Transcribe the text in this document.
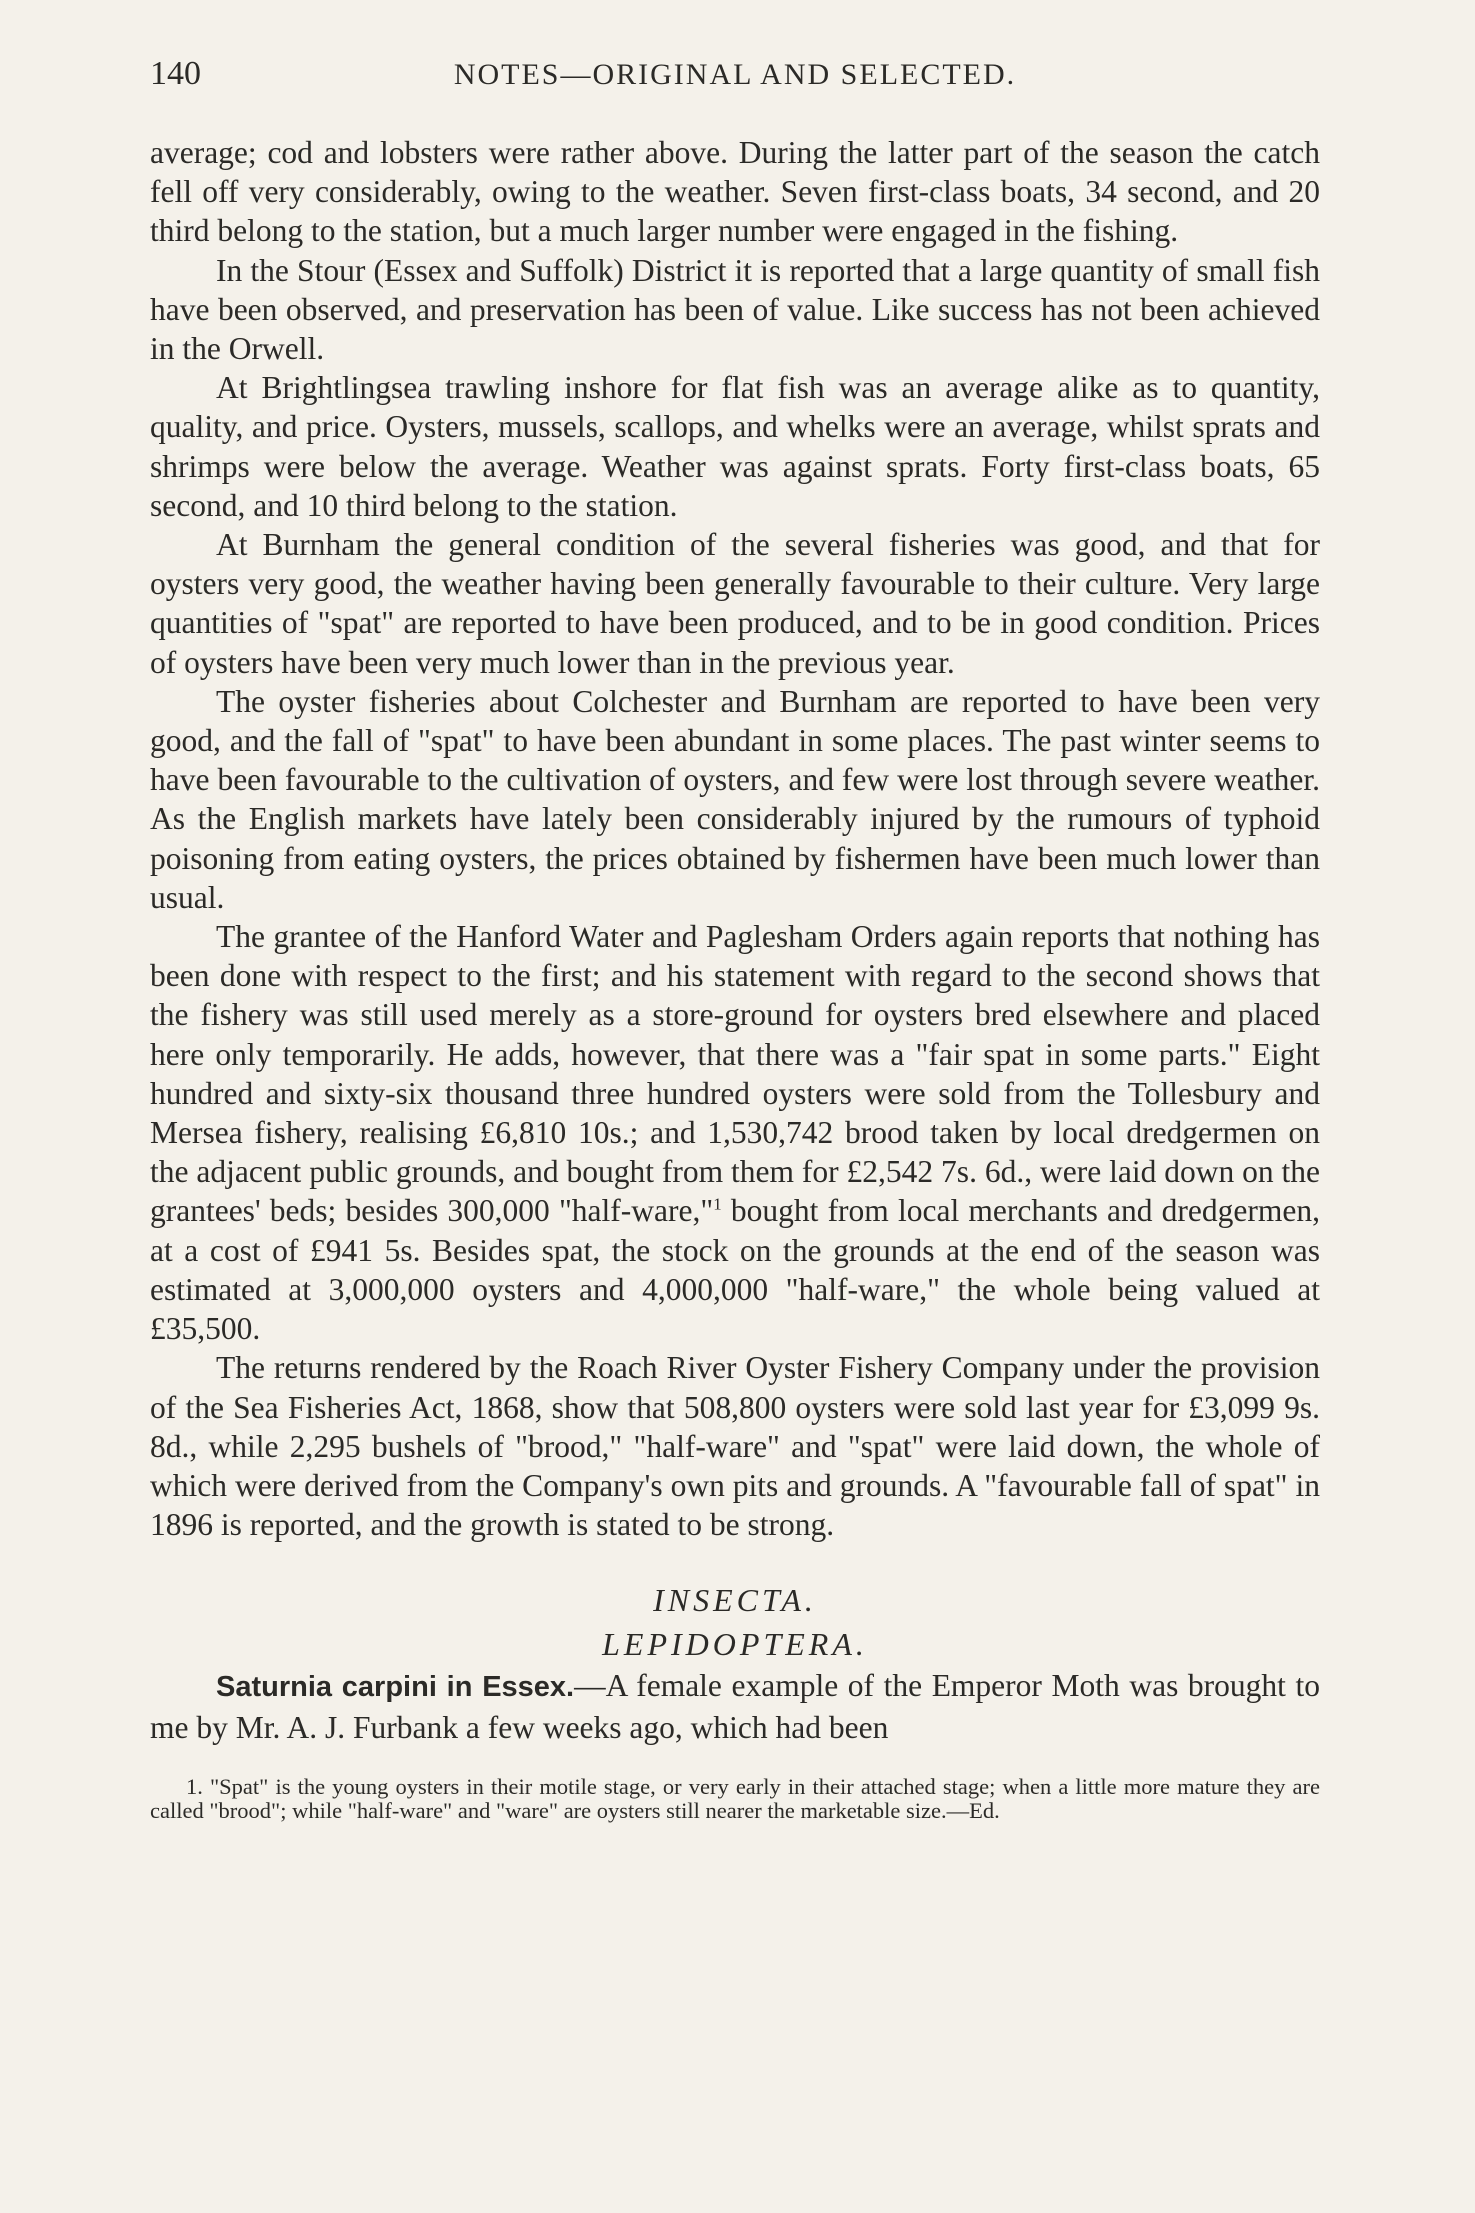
140	NOTES—ORIGINAL AND SELECTED.

average; cod and lobsters were rather above. During the latter part of the season the catch fell off very considerably, owing to the weather. Seven first-class boats, 34 second, and 20 third belong to the station, but a much larger number were engaged in the fishing.

In the Stour (Essex and Suffolk) District it is reported that a large quantity of small fish have been observed, and preservation has been of value. Like success has not been achieved in the Orwell.

At Brightlingsea trawling inshore for flat fish was an average alike as to quantity, quality, and price. Oysters, mussels, scallops, and whelks were an average, whilst sprats and shrimps were below the average. Weather was against sprats. Forty first-class boats, 65 second, and 10 third belong to the station.

At Burnham the general condition of the several fisheries was good, and that for oysters very good, the weather having been generally favourable to their culture. Very large quantities of "spat" are reported to have been produced, and to be in good condition. Prices of oysters have been very much lower than in the previous year.

The oyster fisheries about Colchester and Burnham are reported to have been very good, and the fall of "spat" to have been abundant in some places. The past winter seems to have been favourable to the cultivation of oysters, and few were lost through severe weather. As the English markets have lately been considerably injured by the rumours of typhoid poisoning from eating oysters, the prices obtained by fishermen have been much lower than usual.

The grantee of the Hanford Water and Paglesham Orders again reports that nothing has been done with respect to the first; and his statement with regard to the second shows that the fishery was still used merely as a store-ground for oysters bred elsewhere and placed here only temporarily. He adds, however, that there was a "fair spat in some parts." Eight hundred and sixty-six thousand three hundred oysters were sold from the Tollesbury and Mersea fishery, realising £6,810 10s.; and 1,530,742 brood taken by local dredgermen on the adjacent public grounds, and bought from them for £2,542 7s. 6d., were laid down on the grantees' beds; besides 300,000 "half-ware,"$^1$ bought from local merchants and dredgermen, at a cost of £941 5s. Besides spat, the stock on the grounds at the end of the season was estimated at 3,000,000 oysters and 4,000,000 "half-ware," the whole being valued at £35,500.

The returns rendered by the Roach River Oyster Fishery Company under the provision of the Sea Fisheries Act, 1868, show that 508,800 oysters were sold last year for £3,099 9s. 8d., while 2,295 bushels of "brood," "half-ware" and "spat" were laid down, the whole of which were derived from the Company's own pits and grounds. A "favourable fall of spat" in 1896 is reported, and the growth is stated to be strong.

INSECTA.

LEPIDOPTERA.

Saturnia carpini in Essex.—A female example of the Emperor Moth was brought to me by Mr. A. J. Furbank a few weeks ago, which had been

1. "Spat" is the young oysters in their motile stage, or very early in their attached stage; when a little more mature they are called "brood"; while "half-ware" and "ware" are oysters still nearer the marketable size.—Ed.
